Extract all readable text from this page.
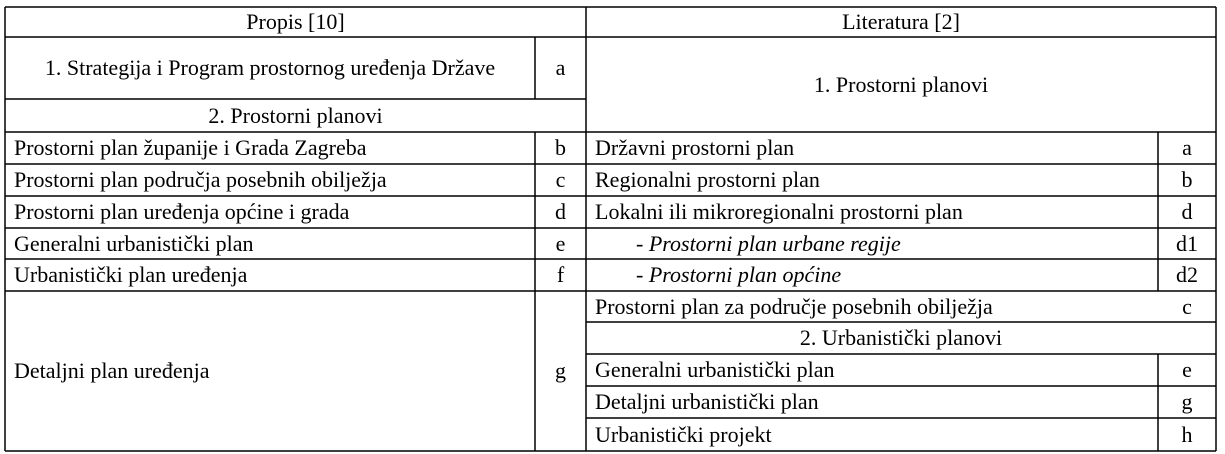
Propis [10]	Literatura [2]
1. Strategija i Program prostornog uređenja Države	a
2. Prostorni planovi
Prostorni plan županije i Grada Zagreba	b
Prostorni plan područja posebnih obilježja	c
Prostorni plan uređenja općine i grada	d
Generalni urbanistički plan	e
Urbanistički plan uređenja	f
Detaljni plan uređenja	g
1. Prostorni planovi
Državni prostorni plan	a
Regionalni prostorni plan	b
Lokalni ili mikroregionalni prostorni plan	d
- Prostorni plan urbane regije	d1
- Prostorni plan općine	d2
Prostorni plan za područje posebnih obilježja	c
2. Urbanistički planovi
Generalni urbanistički plan	e
Detaljni urbanistički plan	g
Urbanistički projekt	h
